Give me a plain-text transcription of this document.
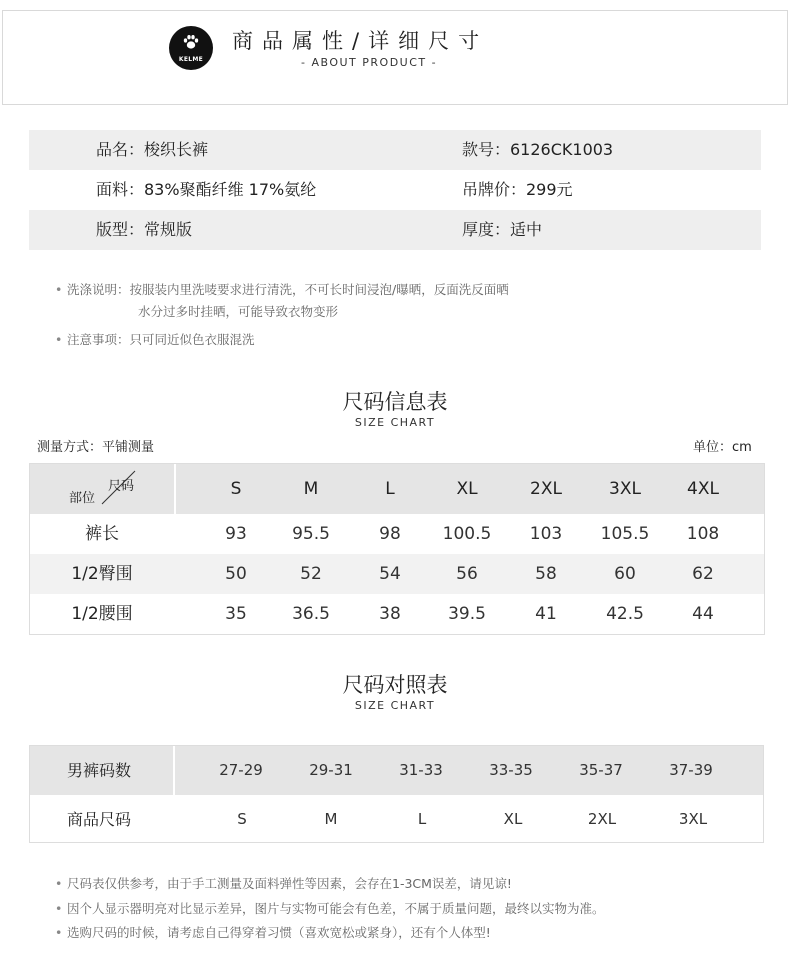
KELME
商品属性/详细尺寸
- ABOUT PRODUCT -
品名：梭织长裤	款号：6126CK1003
面料：83%聚酯纤维 17%氨纶	吊牌价：299元
版型：常规版	厚度：适中
• 洗涤说明：按服装内里洗唛要求进行清洗，不可长时间浸泡/曝晒，反面洗反面晒
水分过多时挂晒，可能导致衣物变形
• 注意事项：只可同近似色衣服混洗
尺码信息表
SIZE CHART
测量方式：平铺测量	单位：cm
尺码
部位	S	M	L	XL	2XL	3XL	4XL
裤长	93	95.5	98	100.5	103	105.5	108
1/2臀围	50	52	54	56	58	60	62
1/2腰围	35	36.5	38	39.5	41	42.5	44
尺码对照表
SIZE CHART
男裤码数	27-29	29-31	31-33	33-35	35-37	37-39
商品尺码	S	M	L	XL	2XL	3XL
• 尺码表仅供参考，由于手工测量及面料弹性等因素，会存在1-3CM误差，请见谅!
• 因个人显示器明亮对比显示差异，图片与实物可能会有色差，不属于质量问题，最终以实物为准。
• 选购尺码的时候，请考虑自己得穿着习惯（喜欢宽松或紧身），还有个人体型!
